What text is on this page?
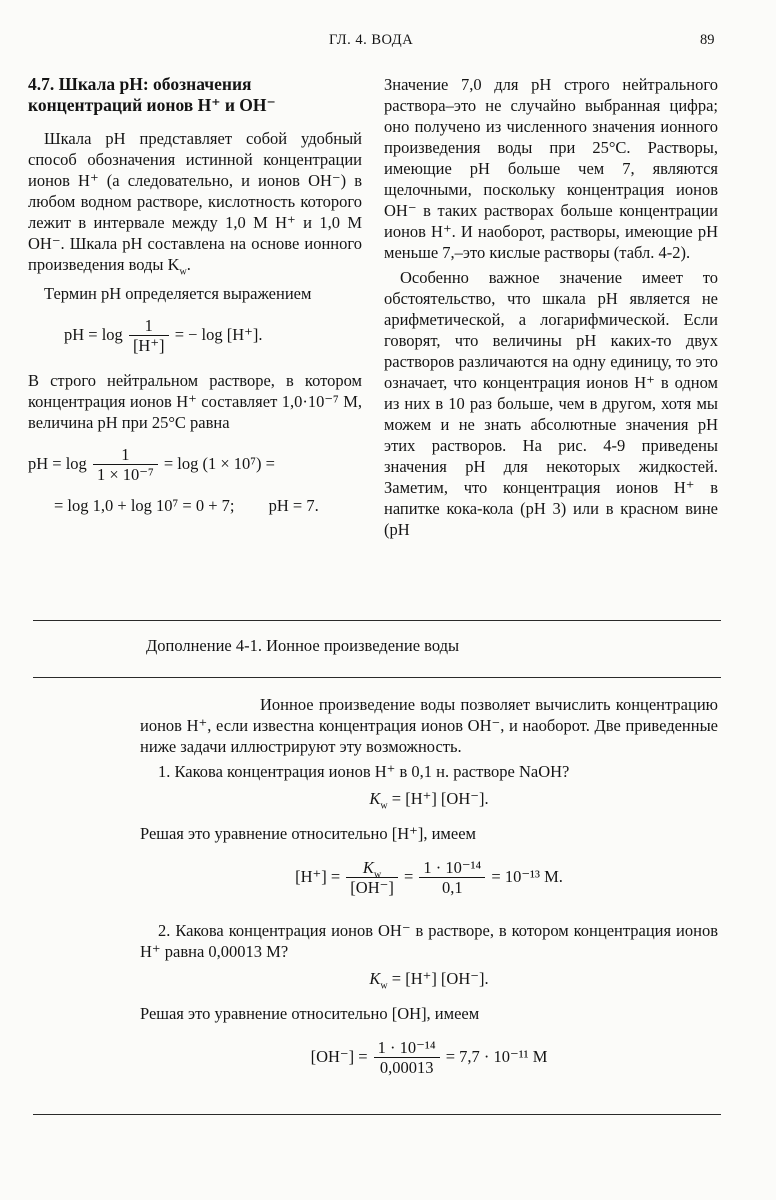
ГЛ. 4. ВОДА	89
4.7. Шкала pH: обозначения
концентраций ионов H⁺ и OH⁻

Шкала pH представляет собой удобный способ обозначения истинной концентрации ионов H⁺ (а следовательно, и ионов OH⁻) в любом водном растворе, кислотность которого лежит в интервале между 1,0 M H⁺ и 1,0 M OH⁻. Шкала pH составлена на основе ионного произведения воды $K_w$.

Термин pH определяется выражением

pH = $\log \frac{1}{[H^+]}$ = − log [H⁺].

В строго нейтральном растворе, в котором концентрация ионов H⁺ составляет 1,0·10⁻⁷ M, величина pH при 25°C равна

pH = $\log \frac{1}{\text{1 × 10⁻⁷}} = \log (1 \times 10^7)$ =
= log 1,0 + log 10⁷ = 0 + 7; pH = 7.

Значение 7,0 для pH строго нейтрального раствора–это не случайно выбранная цифра; оно получено из численного значения ионного произведения воды при 25°C. Растворы, имеющие pH больше чем 7, являются щелочными, поскольку концентрация ионов OH⁻ в таких растворах больше концентрации ионов H⁺. И наоборот, растворы, имеющие pH меньше 7,–это кислые растворы (табл. 4-2).

Особенно важное значение имеет то обстоятельство, что шкала pH является не арифметической, а логарифмической. Если говорят, что величины pH каких-то двух растворов различаются на одну единицу, то это означает, что концентрация ионов H⁺ в одном из них в 10 раз больше, чем в другом, хотя мы можем и не знать абсолютные значения pH этих растворов. На рис. 4-9 приведены значения pH для некоторых жидкостей. Заметим, что концентрация ионов H⁺ в напитке кока-кола (pH 3) или в красном вине (pH

Дополнение 4-1. Ионное произведение воды

Ионное произведение воды позволяет вычислить концентрацию ионов H⁺, если известна концентрация ионов OH⁻, и наоборот. Две приведенные ниже задачи иллюстрируют эту возможность.

1. Какова концентрация ионов H⁺ в 0,1 н. растворе NaOH?

$K_w = [H^+]$ [OH⁻].

Решая это уравнение относительно [H⁺], имеем

$[H^+] = \frac{K_w}{[OH^-]} = \frac{\text{1 · 10⁻¹⁴}}{0,1} = 10^{-13}$ M.

2. Какова концентрация ионов OH⁻ в растворе, в котором концентрация ионов H⁺ равна 0,00013 M?

$K_w = [H^+]$ [OH⁻].

Решая это уравнение относительно [OH], имеем

$[OH^-] = \frac{\text{1 · 10⁻¹⁴}}{0,00013} = 7,7 \cdot 10^{-11}$ M
